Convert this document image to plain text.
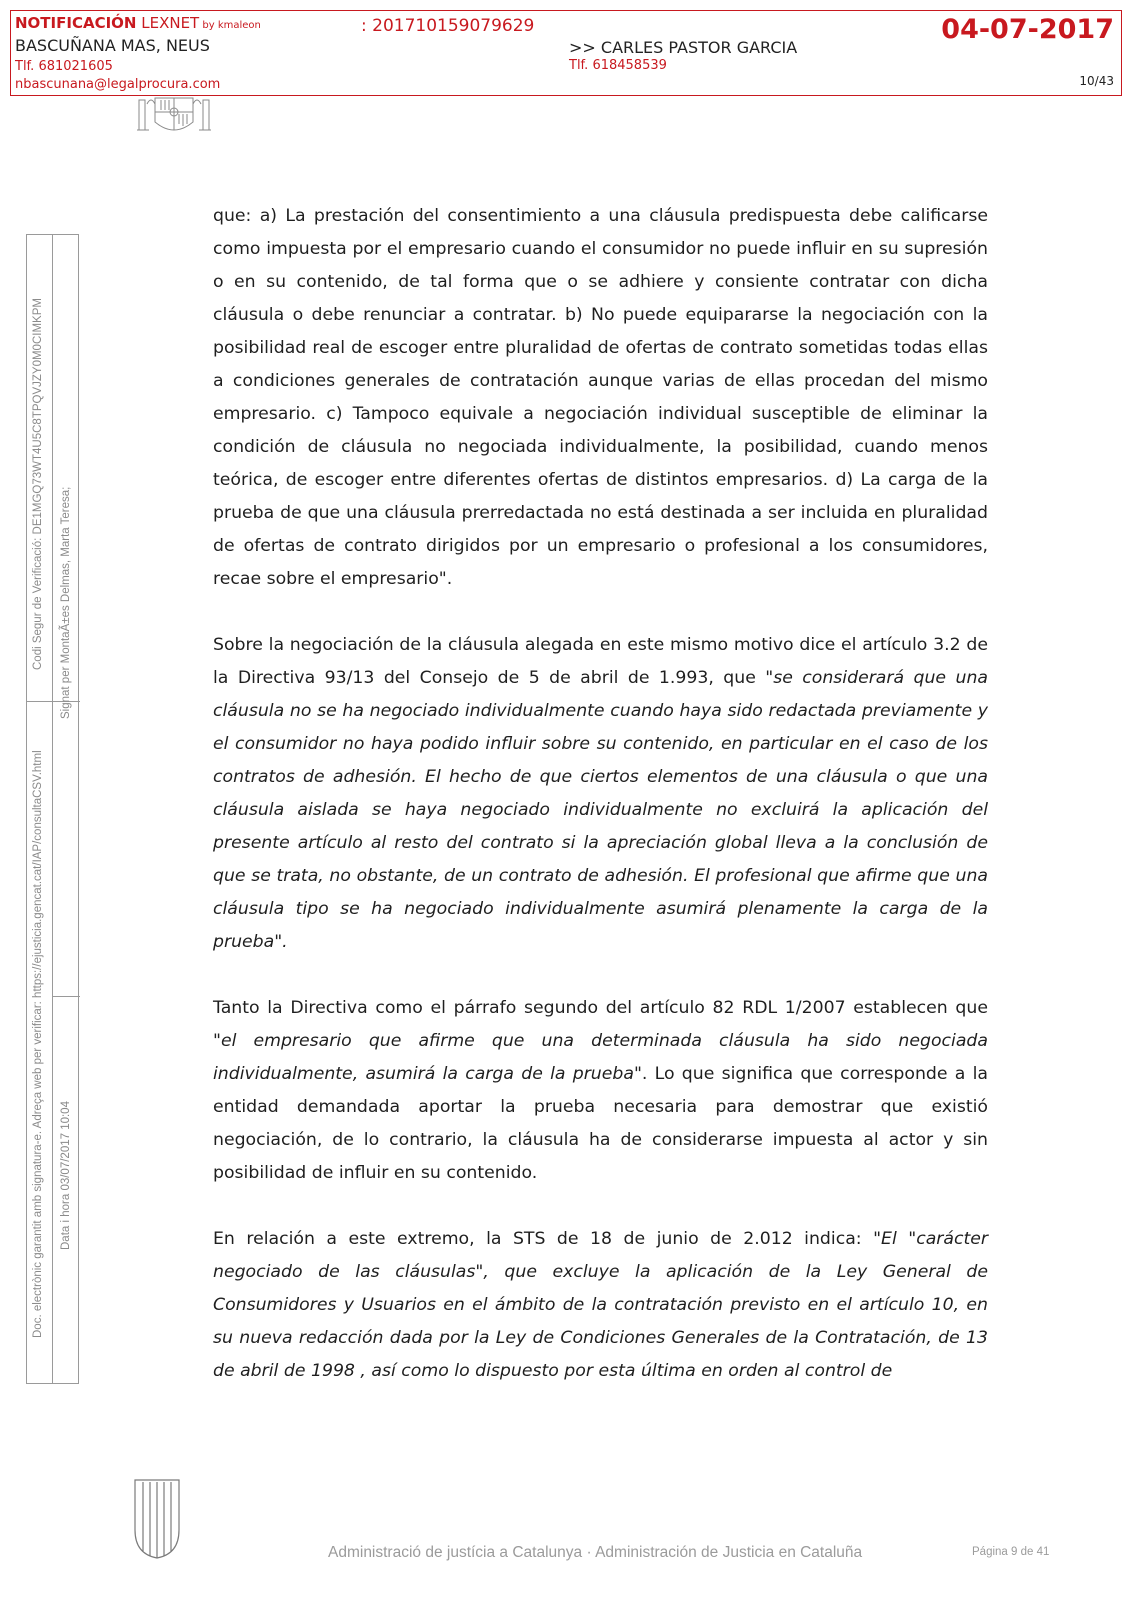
NOTIFICACIÓN LEXNET by kmaleon	: 201710159079629	04-07-2017
BASCUÑANA MAS, NEUS	>> CARLES PASTOR GARCIA
Tlf. 681021605	Tlf. 618458539
nbascunana@legalprocura.com	10/43
Codi Segur de Verificació: DE1MGQ73WT4U5C8TPQVJZY0M0CIMKPM Signat per MontaÃ±es Delmas, Marta Teresa;
Doc. electrònic garantit amb signatura-e. Adreça web per verificar: https://ejusticia.gencat.cat/IAP/consultaCSV.html Data i hora 03/07/2017 10:04

que: a) La prestación del consentimiento a una cláusula predispuesta debe calificarse como impuesta por el empresario cuando el consumidor no puede influir en su supresión o en su contenido, de tal forma que o se adhiere y consiente contratar con dicha cláusula o debe renunciar a contratar. b) No puede equipararse la negociación con la posibilidad real de escoger entre pluralidad de ofertas de contrato sometidas todas ellas a condiciones generales de contratación aunque varias de ellas procedan del mismo empresario. c) Tampoco equivale a negociación individual susceptible de eliminar la condición de cláusula no negociada individualmente, la posibilidad, cuando menos teórica, de escoger entre diferentes ofertas de distintos empresarios. d) La carga de la prueba de que una cláusula prerredactada no está destinada a ser incluida en pluralidad de ofertas de contrato dirigidos por un empresario o profesional a los consumidores, recae sobre el empresario".

Sobre la negociación de la cláusula alegada en este mismo motivo dice el artículo 3.2 de la Directiva 93/13 del Consejo de 5 de abril de 1.993, que "se considerará que una cláusula no se ha negociado individualmente cuando haya sido redactada previamente y el consumidor no haya podido influir sobre su contenido, en particular en el caso de los contratos de adhesión. El hecho de que ciertos elementos de una cláusula o que una cláusula aislada se haya negociado individualmente no excluirá la aplicación del presente artículo al resto del contrato si la apreciación global lleva a la conclusión de que se trata, no obstante, de un contrato de adhesión. El profesional que afirme que una cláusula tipo se ha negociado individualmente asumirá plenamente la carga de la prueba".

Tanto la Directiva como el párrafo segundo del artículo 82 RDL 1/2007 establecen que "el empresario que afirme que una determinada cláusula ha sido negociada individualmente, asumirá la carga de la prueba". Lo que significa que corresponde a la entidad demandada aportar la prueba necesaria para demostrar que existió negociación, de lo contrario, la cláusula ha de considerarse impuesta al actor y sin posibilidad de influir en su contenido.

En relación a este extremo, la STS de 18 de junio de 2.012 indica: "El "carácter negociado de las cláusulas", que excluye la aplicación de la Ley General de Consumidores y Usuarios en el ámbito de la contratación previsto en el artículo 10, en su nueva redacción dada por la Ley de Condiciones Generales de la Contratación, de 13 de abril de 1998 , así como lo dispuesto por esta última en orden al control de

Administració de justícia a Catalunya · Administración de Justicia en Cataluña	Página 9 de 41
